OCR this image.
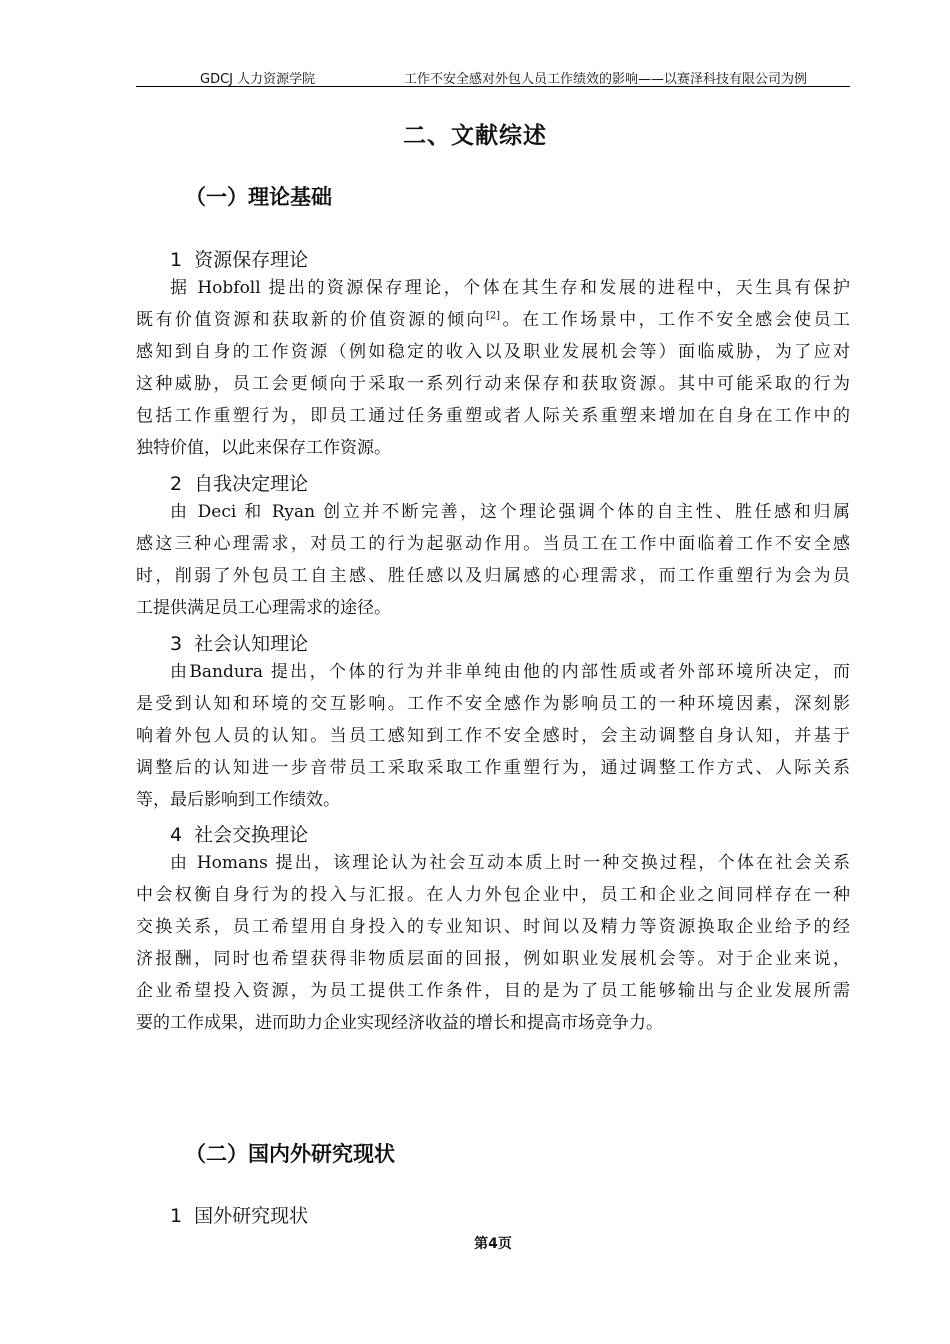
GDCJ 人力资源学院	工作不安全感对外包人员工作绩效的影响——以赛泽科技有限公司为例
二、文献综述
（一）理论基础
1 资源保存理论
据 Hobfoll 提出的资源保存理论，个体在其生存和发展的进程中，天生具有保护
既有价值资源和获取新的价值资源的倾向[2]。在工作场景中，工作不安全感会使员工
感知到自身的工作资源（例如稳定的收入以及职业发展机会等）面临威胁，为了应对
这种威胁，员工会更倾向于采取一系列行动来保存和获取资源。其中可能采取的行为
包括工作重塑行为，即员工通过任务重塑或者人际关系重塑来增加在自身在工作中的
独特价值，以此来保存工作资源。
2 自我决定理论
由 Deci 和 Ryan 创立并不断完善，这个理论强调个体的自主性、胜任感和归属
感这三种心理需求，对员工的行为起驱动作用。当员工在工作中面临着工作不安全感
时，削弱了外包员工自主感、胜任感以及归属感的心理需求，而工作重塑行为会为员
工提供满足员工心理需求的途径。
3 社会认知理论
由Bandura 提出，个体的行为并非单纯由他的内部性质或者外部环境所决定，而
是受到认知和环境的交互影响。工作不安全感作为影响员工的一种环境因素，深刻影
响着外包人员的认知。当员工感知到工作不安全感时，会主动调整自身认知，并基于
调整后的认知进一步音带员工采取采取工作重塑行为，通过调整工作方式、人际关系
等，最后影响到工作绩效。
4 社会交换理论
由 Homans 提出，该理论认为社会互动本质上时一种交换过程，个体在社会关系
中会权衡自身行为的投入与汇报。在人力外包企业中，员工和企业之间同样存在一种
交换关系，员工希望用自身投入的专业知识、时间以及精力等资源换取企业给予的经
济报酬，同时也希望获得非物质层面的回报，例如职业发展机会等。对于企业来说，
企业希望投入资源，为员工提供工作条件，目的是为了员工能够输出与企业发展所需
要的工作成果，进而助力企业实现经济收益的增长和提高市场竞争力。
（二）国内外研究现状
1 国外研究现状
第4页
